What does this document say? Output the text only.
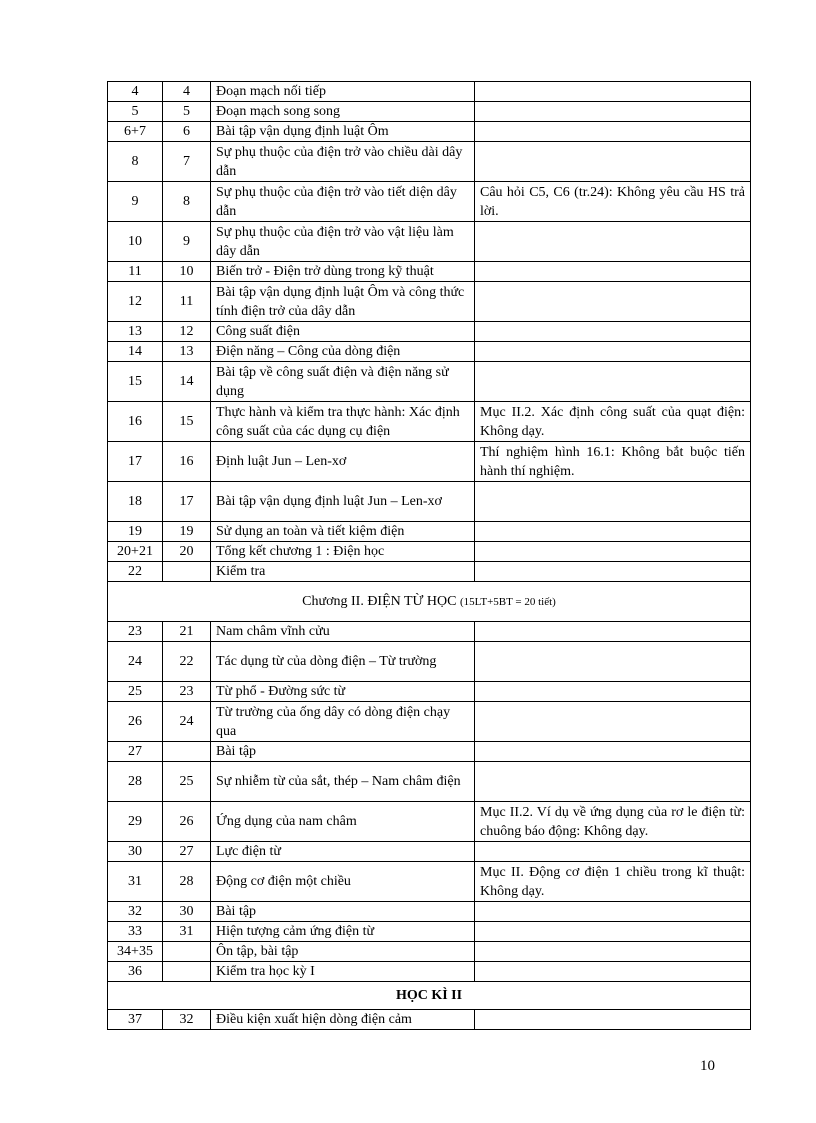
4	4	Đoạn mạch nối tiếp	
5	5	Đoạn mạch song song	
6+7	6	Bài tập vận dụng định luật Ôm	
8	7	Sự phụ thuộc của điện trở vào chiều dài dây dẫn	
9	8	Sự phụ thuộc của điện trở vào tiết diện dây dẫn	Câu hỏi C5, C6 (tr.24): Không yêu cầu HS trả lời.
10	9	Sự phụ thuộc của điện trở vào vật liệu làm dây dẫn	
11	10	Biến trở - Điện trở dùng trong kỹ thuật	
12	11	Bài tập vận dụng định luật Ôm và công thức tính điện trở của dây dẫn	
13	12	Công suất điện	
14	13	Điện năng – Công của dòng điện	
15	14	Bài tập về công suất điện và điện năng sử dụng	
16	15	Thực hành và kiểm tra thực hành: Xác định công suất của các dụng cụ điện	Mục II.2. Xác định công suất của quạt điện: Không dạy.
17	16	Định luật Jun – Len-xơ	Thí nghiệm hình 16.1: Không bắt buộc tiến hành thí nghiệm.
18	17	Bài tập vận dụng định luật Jun – Len-xơ	
19	19	Sử dụng an toàn và tiết kiệm điện	
20+21	20	Tổng kết chương 1 : Điện học	
22		Kiểm tra	
Chương II. ĐIỆN TỪ HỌC (15LT+5BT = 20 tiết)			
23	21	Nam châm vĩnh cửu	
24	22	Tác dụng từ của dòng điện – Từ trường	
25	23	Từ phổ - Đường sức từ	
26	24	Từ trường của ống dây có dòng điện chạy qua	
27		Bài tập	
28	25	Sự nhiễm từ của sắt, thép – Nam châm điện	
29	26	Ứng dụng của nam châm	Mục II.2. Ví dụ về ứng dụng của rơ le điện từ: chuông báo động: Không dạy.
30	27	Lực điện từ	
31	28	Động cơ điện một chiều	Mục II. Động cơ điện 1 chiều trong kĩ thuật: Không dạy.
32	30	Bài tập	
33	31	Hiện tượng cảm ứng điện từ	
34+35		Ôn tập, bài tập	
36		Kiểm tra học kỳ I	
HỌC KÌ II			
37	32	Điều kiện xuất hiện dòng điện cảm	
10
